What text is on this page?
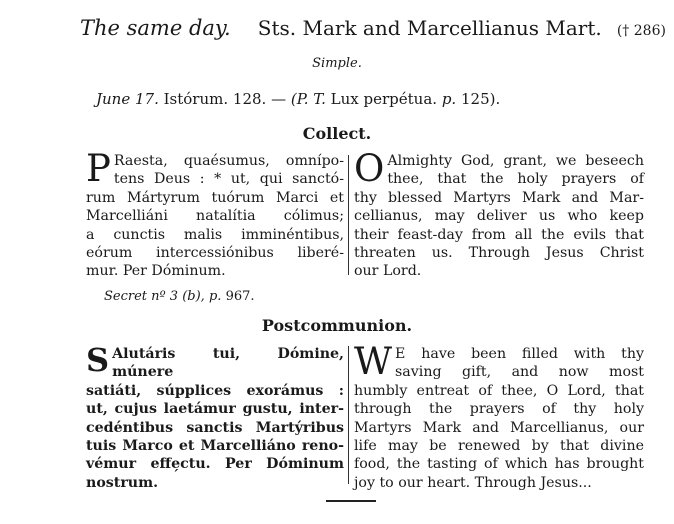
The same day. Sts. Mark and Marcellianus Mart. († 286)
Simple.
June 17. Istórum. 128. — (P. T. Lux perpétua. p. 125).
Collect.
P Raesta, quaésumus, omnípo-
tens Deus : * ut, qui sanctó-
rum Mártyrum tuórum Marci et
Marcelliáni natalítia cólimus;
a cunctis malis imminéntibus,
eórum intercessiónibus liberé-
mur. Per Dóminum.
O Almighty God, grant, we beseech
thee, that the holy prayers of
thy blessed Martyrs Mark and Mar-
cellianus, may deliver us who keep
their feast-day from all the evils that
threaten us. Through Jesus Christ
our Lord.
Secret nº 3 (b), p. 967.
Postcommunion.
S Alutáris tui, Dómine, múnere
satiáti, súpplices exorámus :
ut, cujus laetámur gustu, inter-
cedéntibus sanctis Martýribus
tuis Marco et Marcelliáno reno-
vémur effe̗ctu. Per Dóminum
nostrum.
W E have been filled with thy
saving gift, and now most
humbly entreat of thee, O Lord, that
through the prayers of thy holy
Martyrs Mark and Marcellianus, our
life may be renewed by that divine
food, the tasting of which has brought
joy to our heart. Through Jesus...
